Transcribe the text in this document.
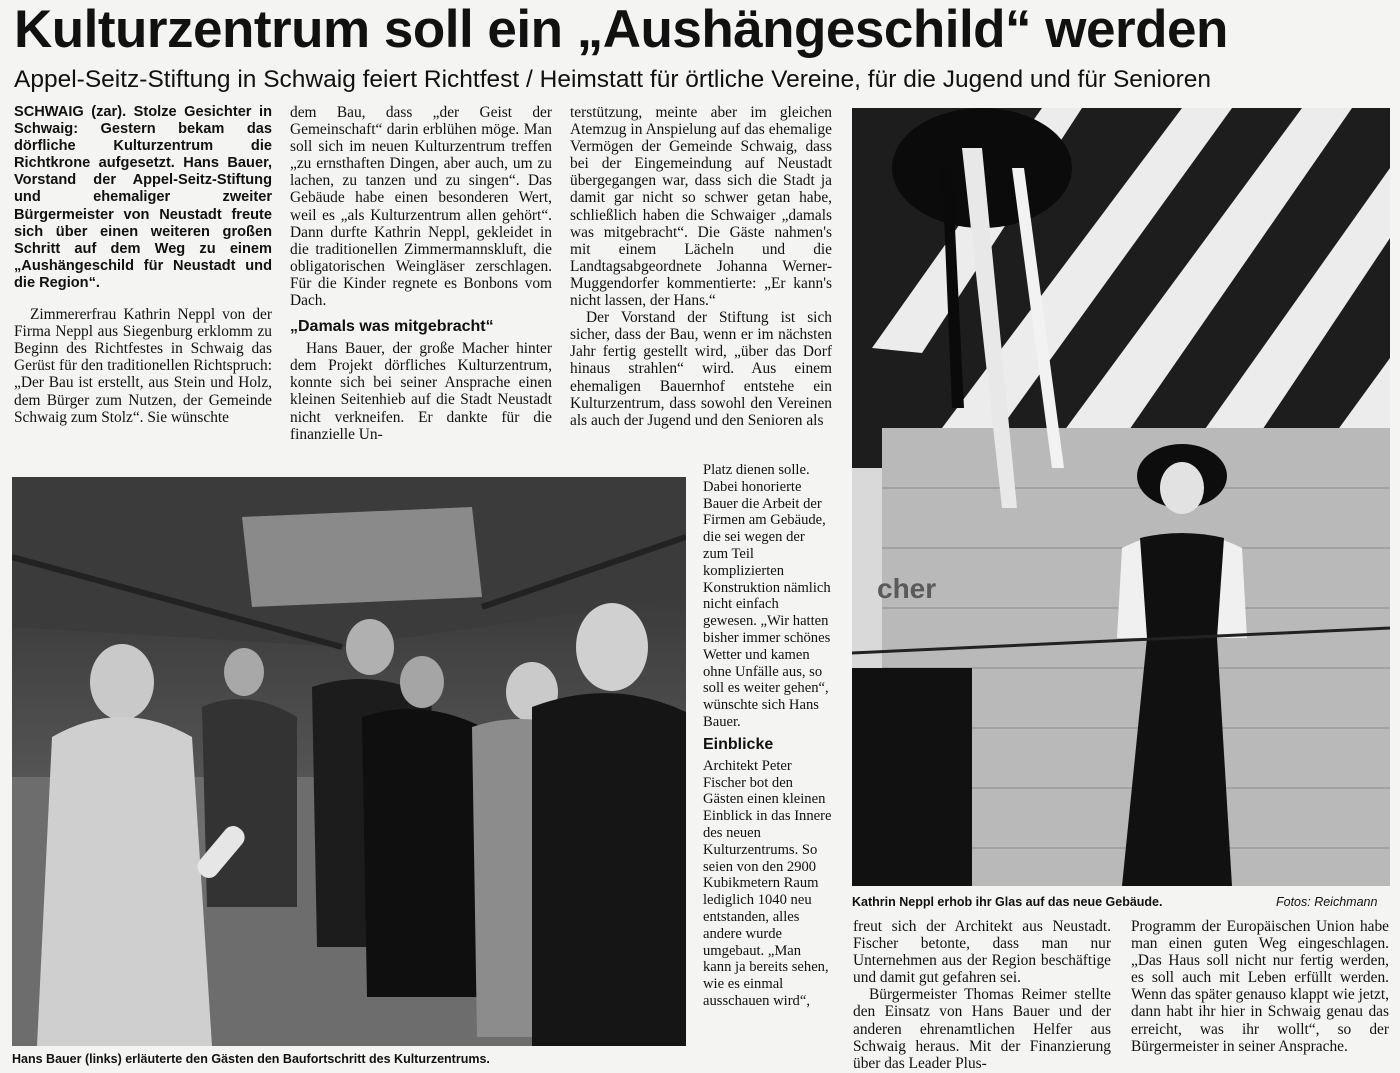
Kulturzentrum soll ein „Aushängeschild“ werden
Appel-Seitz-Stiftung in Schwaig feiert Richtfest / Heimstatt für örtliche Vereine, für die Jugend und für Senioren

SCHWAIG (zar). Stolze Gesichter in Schwaig: Gestern bekam das dörfliche Kulturzentrum die Richtkrone aufgesetzt. Hans Bauer, Vorstand der Appel-Seitz-Stiftung und ehemaliger zweiter Bürgermeister von Neustadt freute sich über einen weiteren großen Schritt auf dem Weg zu einem „Aushängeschild für Neustadt und die Region“.

Zimmererfrau Kathrin Neppl von der Firma Neppl aus Siegenburg erklomm zu Beginn des Richtfestes in Schwaig das Gerüst für den traditionellen Richtspruch: „Der Bau ist erstellt, aus Stein und Holz, dem Bürger zum Nutzen, der Gemeinde Schwaig zum Stolz“. Sie wünschte

dem Bau, dass „der Geist der Gemeinschaft“ darin erblühen möge. Man soll sich im neuen Kulturzentrum treffen „zu ernsthaften Dingen, aber auch, um zu lachen, zu tanzen und zu singen“. Das Gebäude habe einen besonderen Wert, weil es „als Kulturzentrum allen gehört“. Dann durfte Kathrin Neppl, gekleidet in die traditionellen Zimmermannskluft, die obligatorischen Weingläser zerschlagen. Für die Kinder regnete es Bonbons vom Dach.

„Damals was mitgebracht“

Hans Bauer, der große Macher hinter dem Projekt dörfliches Kulturzentrum, konnte sich bei seiner Ansprache einen kleinen Seitenhieb auf die Stadt Neustadt nicht verkneifen. Er dankte für die finanzielle Un-

terstützung, meinte aber im gleichen Atemzug in Anspielung auf das ehemalige Vermögen der Gemeinde Schwaig, dass bei der Eingemeindung auf Neustadt übergegangen war, dass sich die Stadt ja damit gar nicht so schwer getan habe, schließlich haben die Schwaiger „damals was mitgebracht“. Die Gäste nahmen's mit einem Lächeln und die Landtagsabgeordnete Johanna Werner-Muggendorfer kommentierte: „Er kann's nicht lassen, der Hans.“

Der Vorstand der Stiftung ist sich sicher, dass der Bau, wenn er im nächsten Jahr fertig gestellt wird, „über das Dorf hinaus strahlen“ wird. Aus einem ehemaligen Bauernhof entstehe ein Kulturzentrum, dass sowohl den Vereinen als auch der Jugend und den Senioren als

Platz dienen solle. Dabei honorierte Bauer die Arbeit der Firmen am Gebäude, die sei wegen der zum Teil komplizierten Konstruktion nämlich nicht einfach gewesen. „Wir hatten bisher immer schönes Wetter und kamen ohne Unfälle aus, so soll es weiter gehen“, wünschte sich Hans Bauer.

Einblicke

Architekt Peter Fischer bot den Gästen einen kleinen Einblick in das Innere des neuen Kulturzentrums. So seien von den 2900 Kubikmetern Raum lediglich 1040 neu entstanden, alles andere wurde umgebaut. „Man kann ja bereits sehen, wie es einmal ausschauen wird“,

freut sich der Architekt aus Neustadt. Fischer betonte, dass man nur Unternehmen aus der Region beschäftige und damit gut gefahren sei.

Bürgermeister Thomas Reimer stellte den Einsatz von Hans Bauer und der anderen ehrenamtlichen Helfer aus Schwaig heraus. Mit der Finanzierung über das Leader Plus-

Programm der Europäischen Union habe man einen guten Weg eingeschlagen. „Das Haus soll nicht nur fertig werden, es soll auch mit Leben erfüllt werden. Wenn das später genauso klappt wie jetzt, dann habt ihr hier in Schwaig genau das erreicht, was ihr wollt“, so der Bürgermeister in seiner Ansprache.

Hans Bauer (links) erläuterte den Gästen den Baufortschritt des Kulturzentrums.
cher
Kathrin Neppl erhob ihr Glas auf das neue Gebäude.	Fotos: Reichmann
